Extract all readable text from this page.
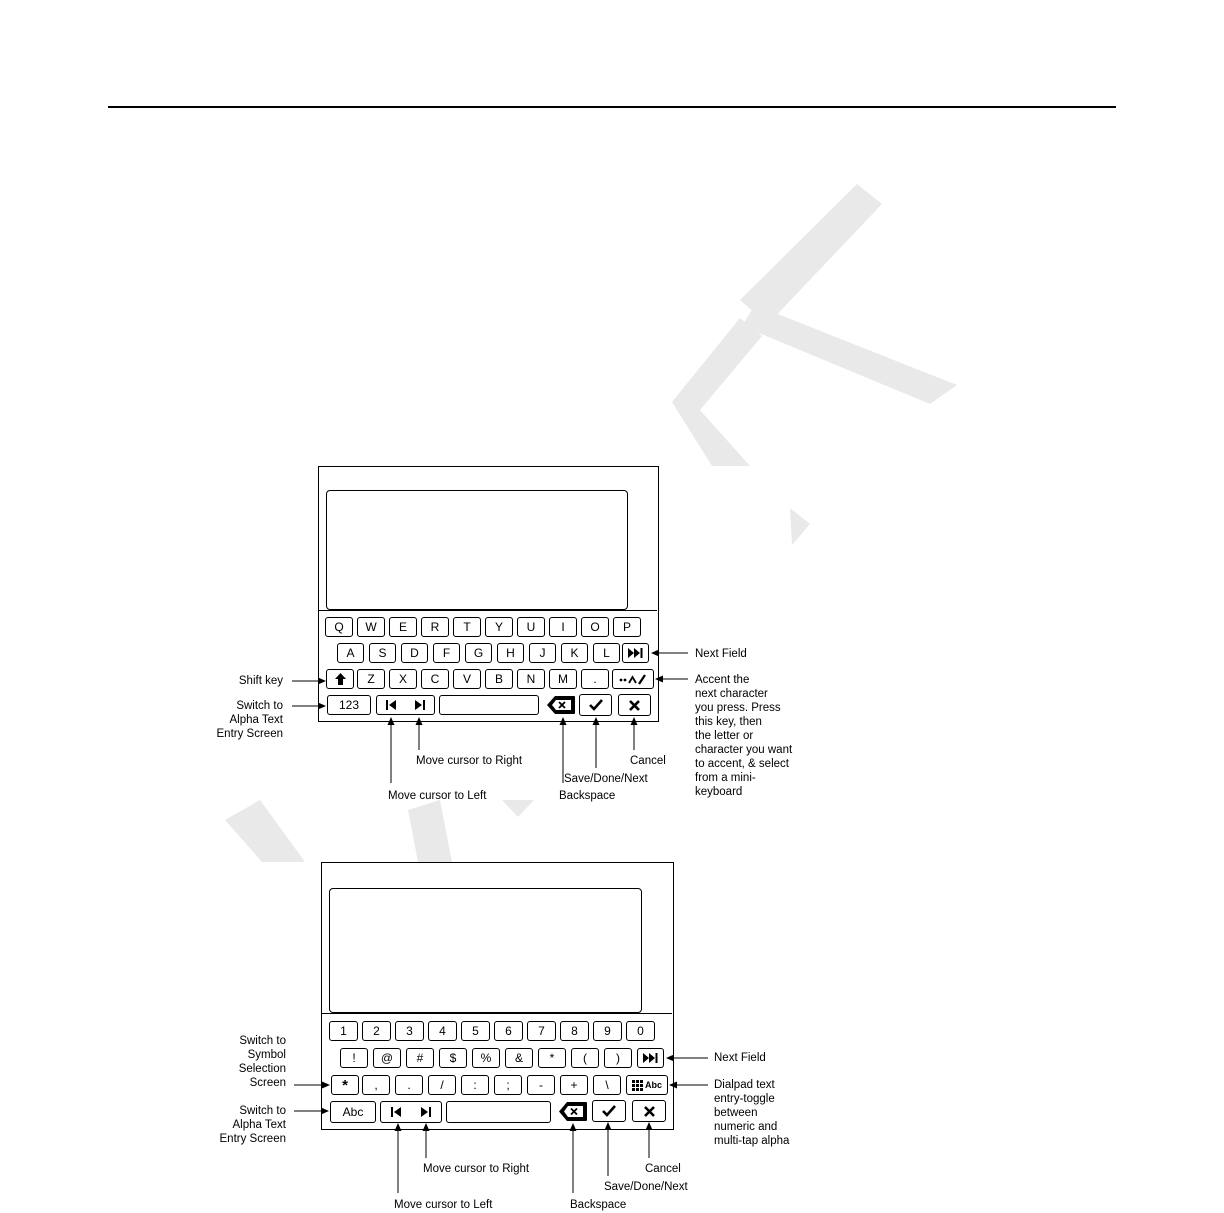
Q	W	E	R	T	Y	U	I	O	P
A	S	D	F	G	H	J	K	L
Z	X	C	V	B	N	M	.
123
Next Field
Accent the
next character
you press. Press
this key, then
the letter or
character you want
to accent, & select
from a mini-
keyboard
Shift key
Switch to
Alpha Text
Entry Screen
Move cursor to Right
Move cursor to Left	Backspace
Save/Done/Next
Cancel
1	2	3	4	5	6	7	8	9	0
!	@	#	$	%	&	*	(	)
,	.	/	:	;	-	+	\
*	Abc
Abc
Switch to
Symbol
Selection
Screen
Switch to
Alpha Text
Entry Screen
Next Field
Dialpad text
entry-toggle
between
numeric and
multi-tap alpha
Move cursor to Right
Move cursor to Left	Backspace
Save/Done/Next
Cancel
